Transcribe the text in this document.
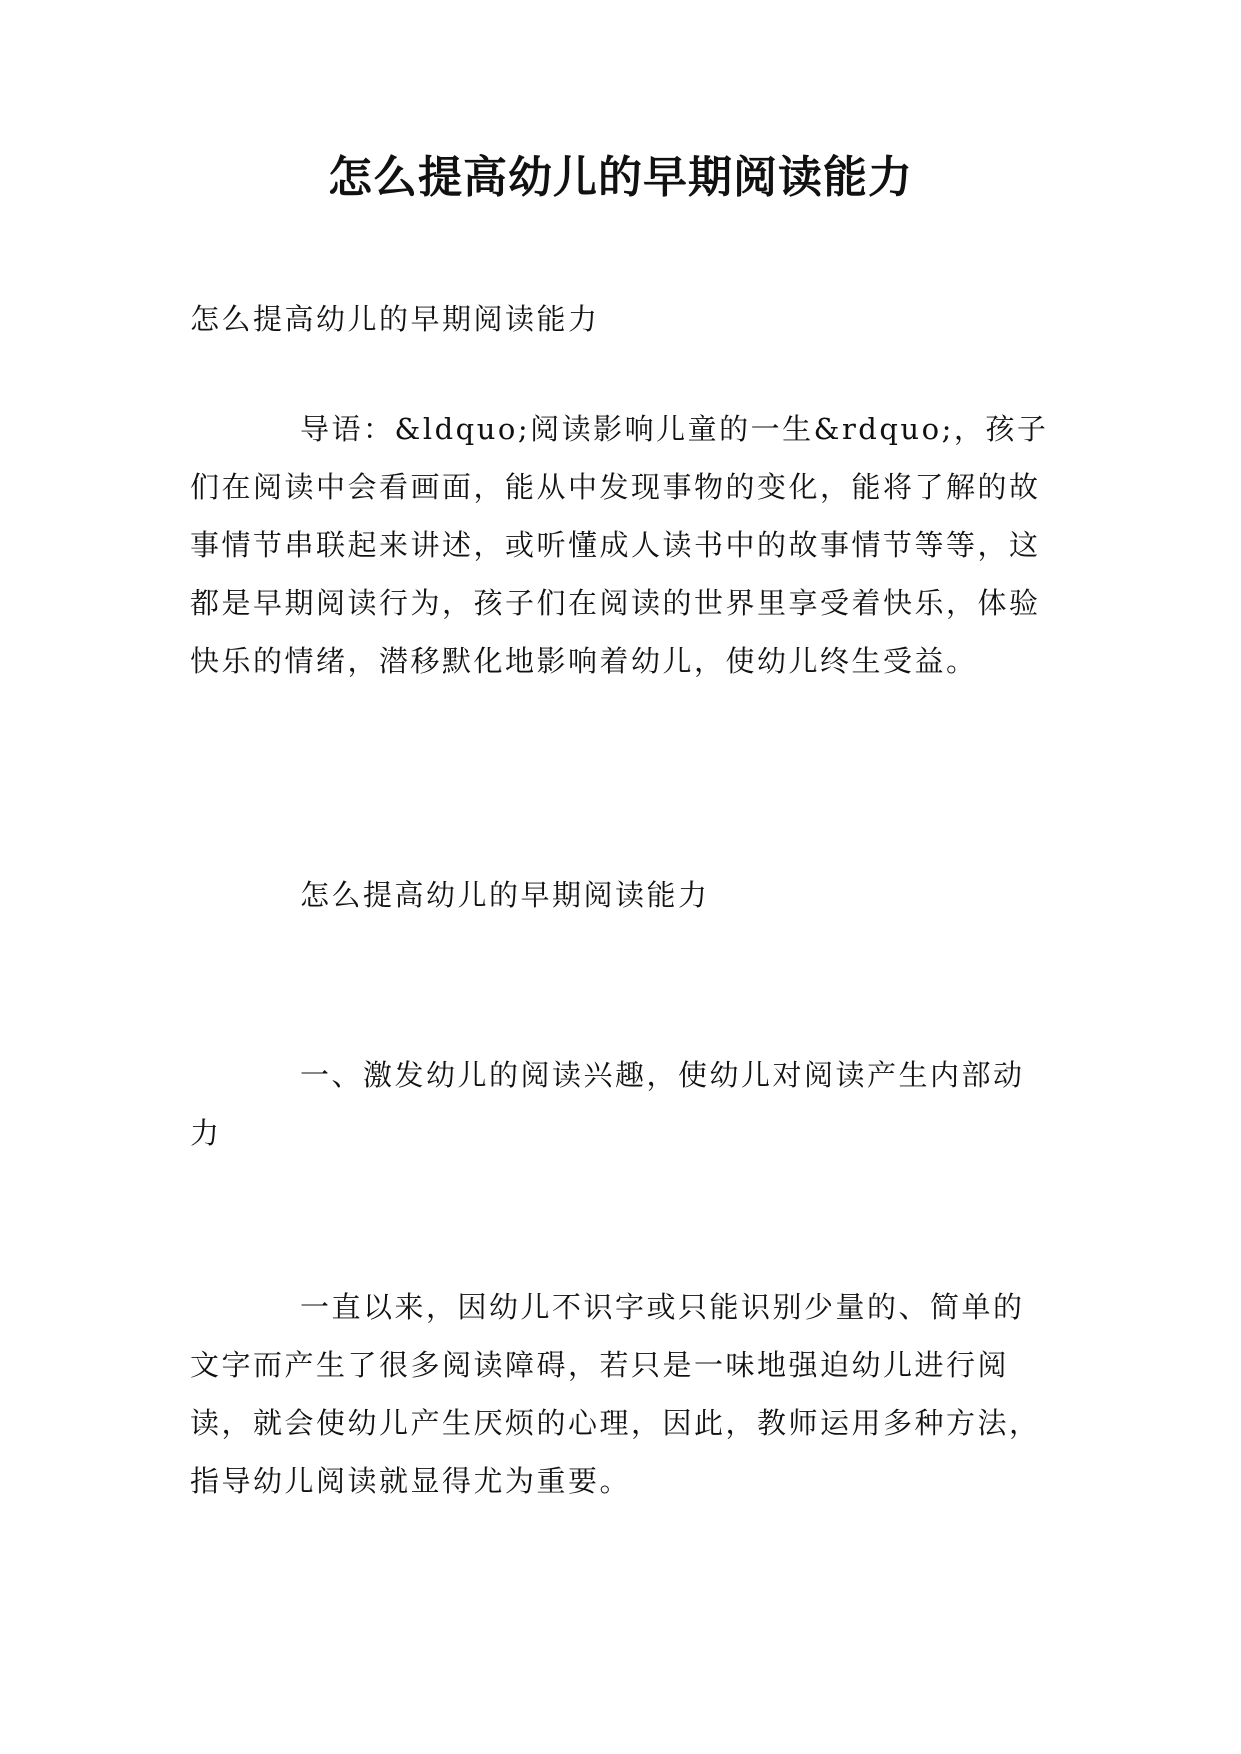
怎么提高幼儿的早期阅读能力

怎么提高幼儿的早期阅读能力

导语：&ldquo;阅读影响儿童的一生&rdquo;，孩子们在阅读中会看画面，能从中发现事物的变化，能将了解的故事情节串联起来讲述，或听懂成人读书中的故事情节等等，这都是早期阅读行为，孩子们在阅读的世界里享受着快乐，体验快乐的情绪，潜移默化地影响着幼儿，使幼儿终生受益。

怎么提高幼儿的早期阅读能力

一、激发幼儿的阅读兴趣，使幼儿对阅读产生内部动力

一直以来，因幼儿不识字或只能识别少量的、简单的文字而产生了很多阅读障碍，若只是一味地强迫幼儿进行阅读，就会使幼儿产生厌烦的心理，因此，教师运用多种方法，指导幼儿阅读就显得尤为重要。
